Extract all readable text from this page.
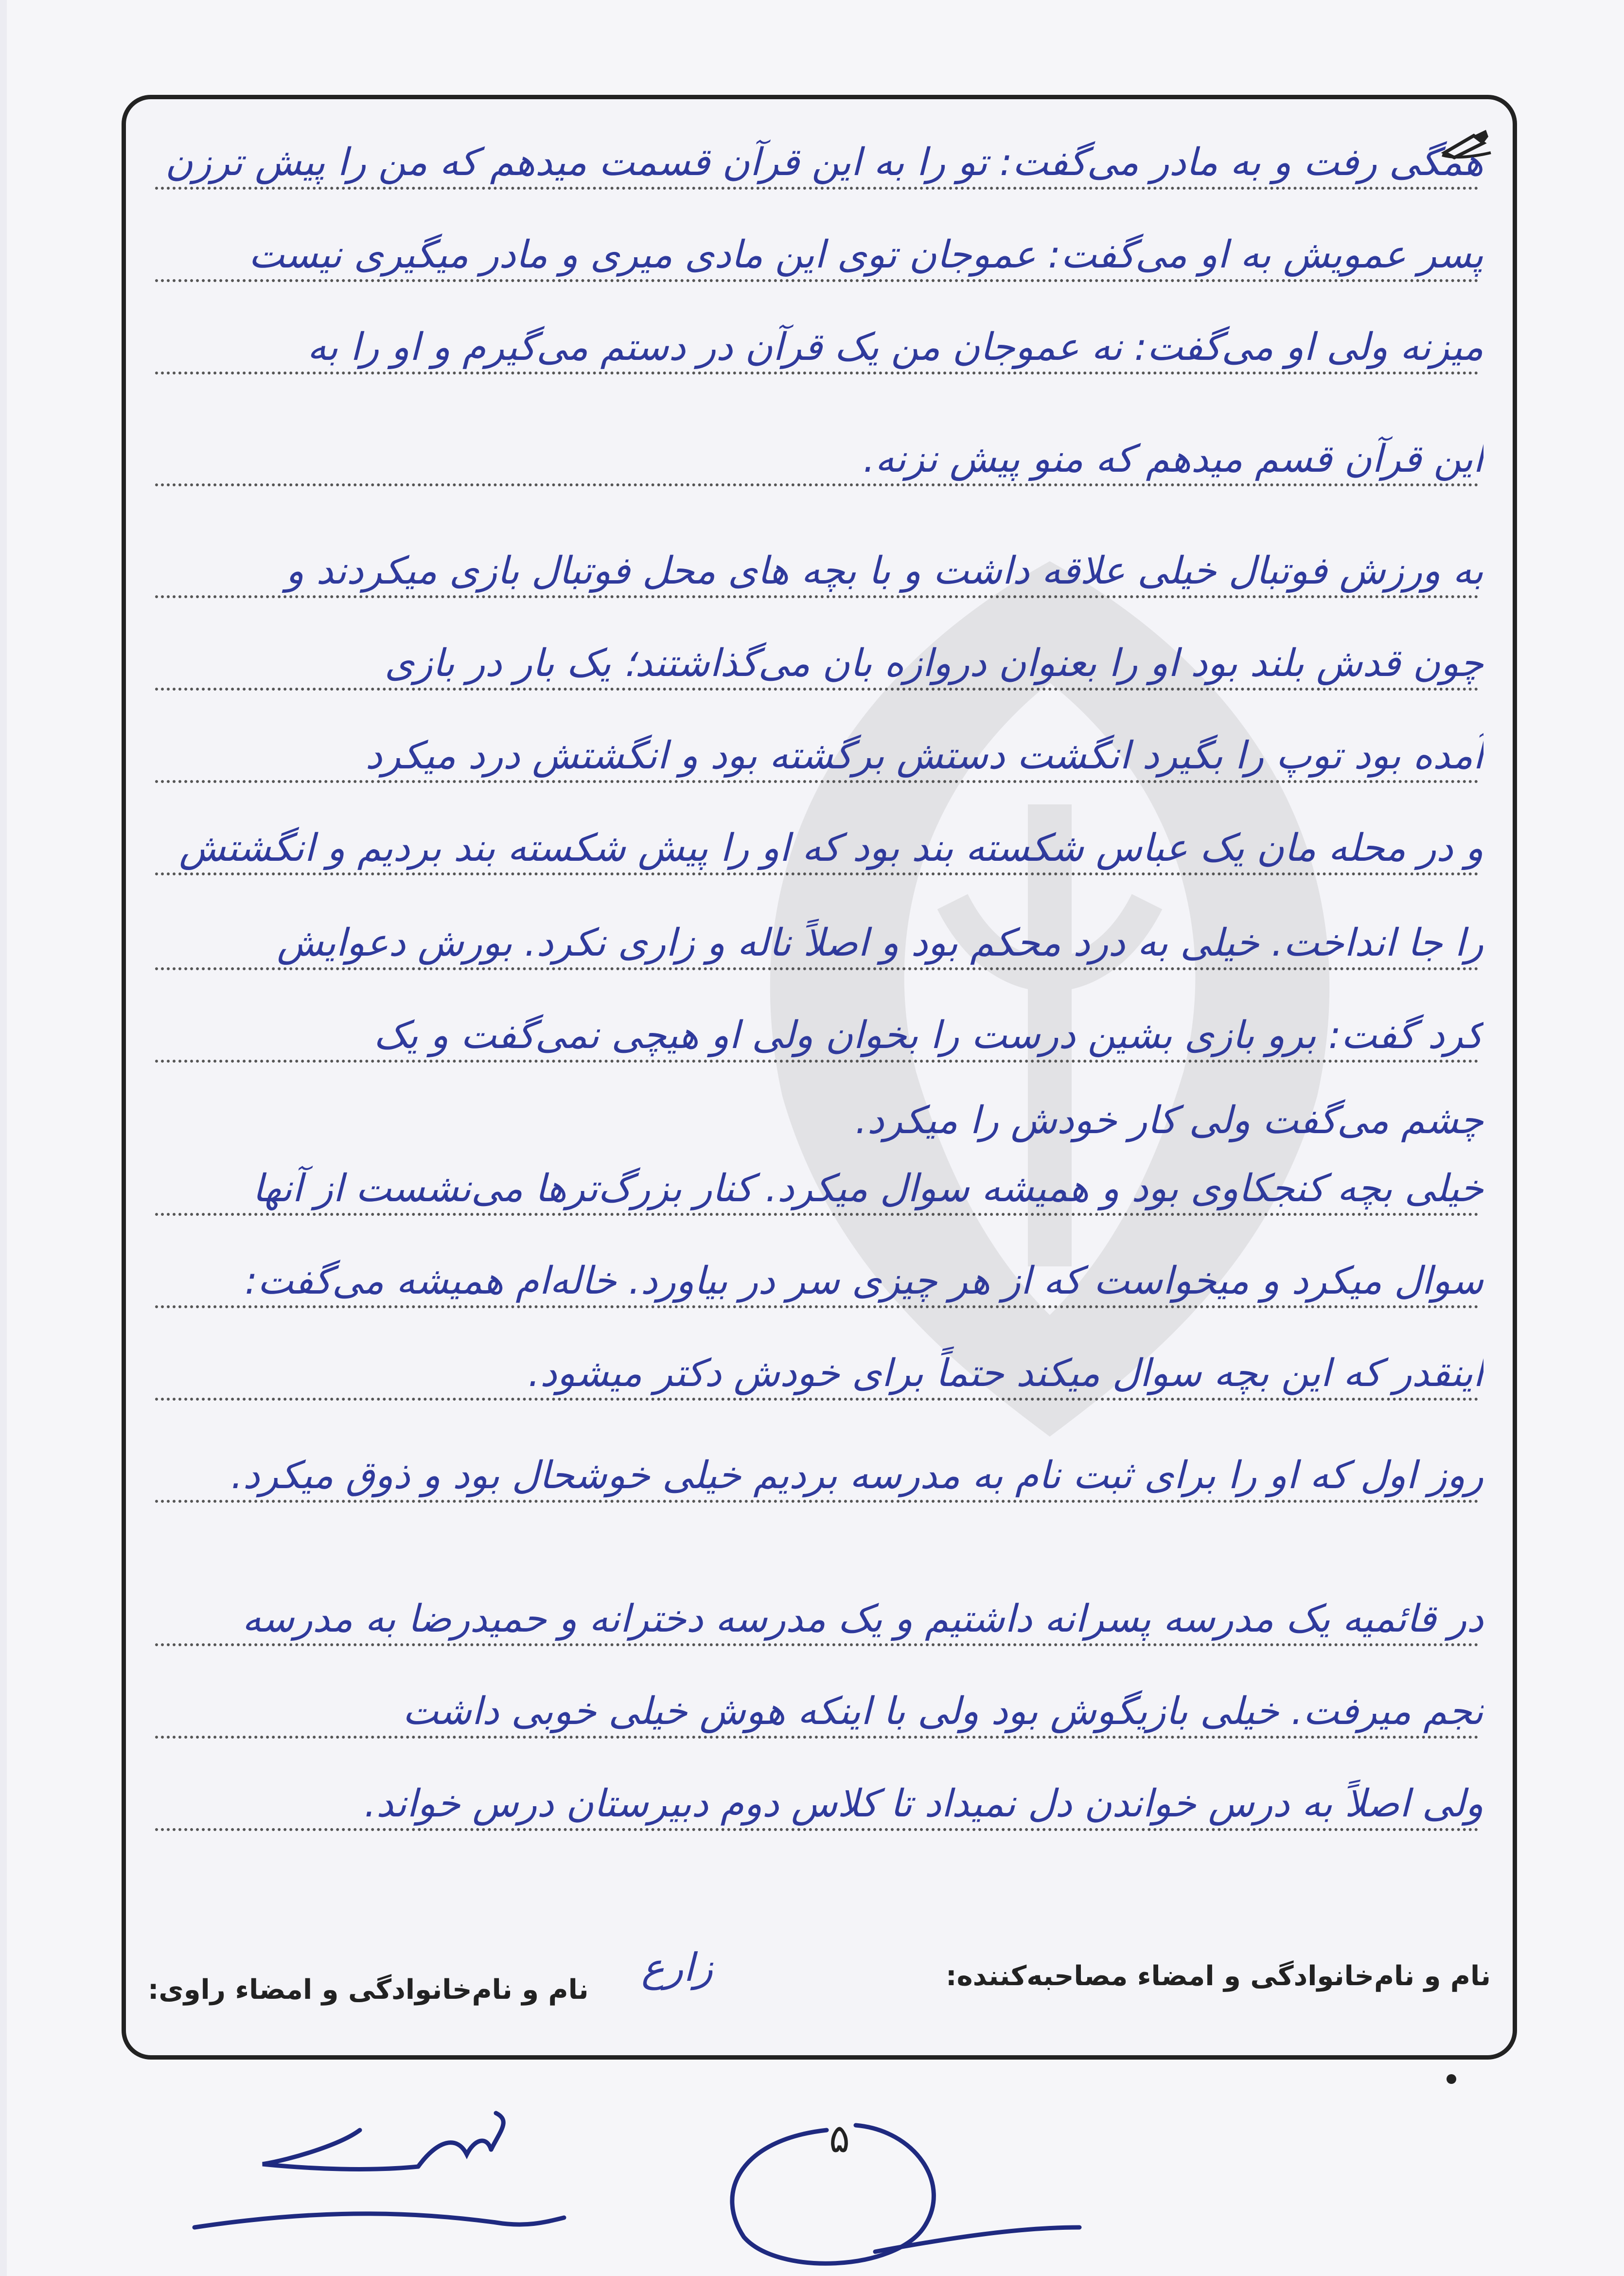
همگی رفت و به مادر می‌گفت: تو را به این قرآن قسمت میدهم که من را پیش ترزن
پسر عمویش به او می‌گفت: عموجان توی این مادی میری و مادر میگیری نیست
میزنه ولی او می‌گفت: نه عموجان من یک قرآن در دستم می‌گیرم و او را به
این قرآن قسم میدهم که منو پیش نزنه.
به ورزش فوتبال خیلی علاقه داشت و با بچه های محل فوتبال بازی میکردند و
چون قدش بلند بود او را بعنوان دروازه بان می‌گذاشتند؛ یک بار در بازی
آمده بود توپ را بگیرد انگشت دستش برگشته بود و انگشتش درد میکرد
و در محله مان یک عباس شکسته بند بود که او را پیش شکسته بند بردیم و انگشتش
را جا انداخت. خیلی به درد محکم بود و اصلاً ناله و زاری نکرد. بورش دعوایش
کرد گفت: برو بازی بشین درست را بخوان ولی او هیچی نمی‌گفت و یک
چشم می‌گفت ولی کار خودش را میکرد.
خیلی بچه کنجکاوی بود و همیشه سوال میکرد. کنار بزرگ‌ترها می‌نشست از آنها
سوال میکرد و میخواست که از هر چیزی سر در بیاورد. خاله‌ام همیشه می‌گفت:
اینقدر که این بچه سوال میکند حتماً برای خودش دکتر میشود.
روز اول که او را برای ثبت نام به مدرسه بردیم خیلی خوشحال بود و ذوق میکرد.
در قائمیه یک مدرسه پسرانه داشتیم و یک مدرسه دخترانه و حمیدرضا به مدرسه
نجم میرفت. خیلی بازیگوش بود ولی با اینکه هوش خیلی خوبی داشت
ولی اصلاً به درس خواندن دل نمیداد تا کلاس دوم دبیرستان درس خواند.
نام و نام‌خانوادگی و امضاء مصاحبه‌کننده:
زارع
نام و نام‌خانوادگی و امضاء راوی:
۵
